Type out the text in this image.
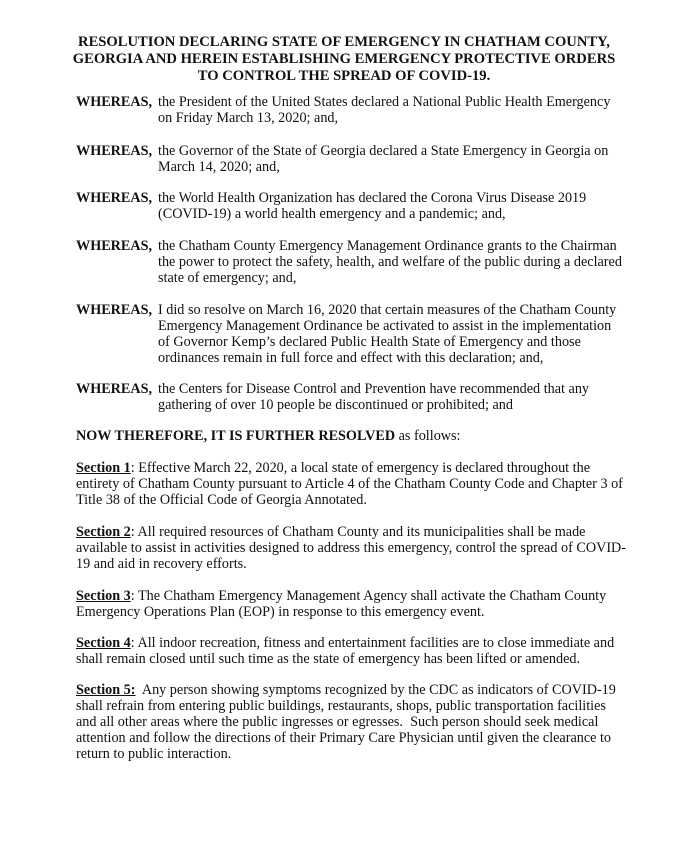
RESOLUTION DECLARING STATE OF EMERGENCY IN CHATHAM COUNTY,
GEORGIA AND HEREIN ESTABLISHING EMERGENCY PROTECTIVE ORDERS
TO CONTROL THE SPREAD OF COVID-19.
WHEREAS, the President of the United States declared a National Public Health Emergency
on Friday March 13, 2020; and,
WHEREAS, the Governor of the State of Georgia declared a State Emergency in Georgia on
March 14, 2020; and,
WHEREAS, the World Health Organization has declared the Corona Virus Disease 2019
(COVID-19) a world health emergency and a pandemic; and,
WHEREAS, the Chatham County Emergency Management Ordinance grants to the Chairman
the power to protect the safety, health, and welfare of the public during a declared
state of emergency; and,
WHEREAS, I did so resolve on March 16, 2020 that certain measures of the Chatham County
Emergency Management Ordinance be activated to assist in the implementation
of Governor Kemp’s declared Public Health State of Emergency and those
ordinances remain in full force and effect with this declaration; and,
WHEREAS, the Centers for Disease Control and Prevention have recommended that any
gathering of over 10 people be discontinued or prohibited; and
NOW THEREFORE, IT IS FURTHER RESOLVED as follows:
Section 1: Effective March 22, 2020, a local state of emergency is declared throughout the
entirety of Chatham County pursuant to Article 4 of the Chatham County Code and Chapter 3 of
Title 38 of the Official Code of Georgia Annotated.
Section 2: All required resources of Chatham County and its municipalities shall be made
available to assist in activities designed to address this emergency, control the spread of COVID-
19 and aid in recovery efforts.
Section 3: The Chatham Emergency Management Agency shall activate the Chatham County
Emergency Operations Plan (EOP) in response to this emergency event.
Section 4: All indoor recreation, fitness and entertainment facilities are to close immediate and
shall remain closed until such time as the state of emergency has been lifted or amended.
Section 5:  Any person showing symptoms recognized by the CDC as indicators of COVID-19
shall refrain from entering public buildings, restaurants, shops, public transportation facilities
and all other areas where the public ingresses or egresses.  Such person should seek medical
attention and follow the directions of their Primary Care Physician until given the clearance to
return to public interaction.
